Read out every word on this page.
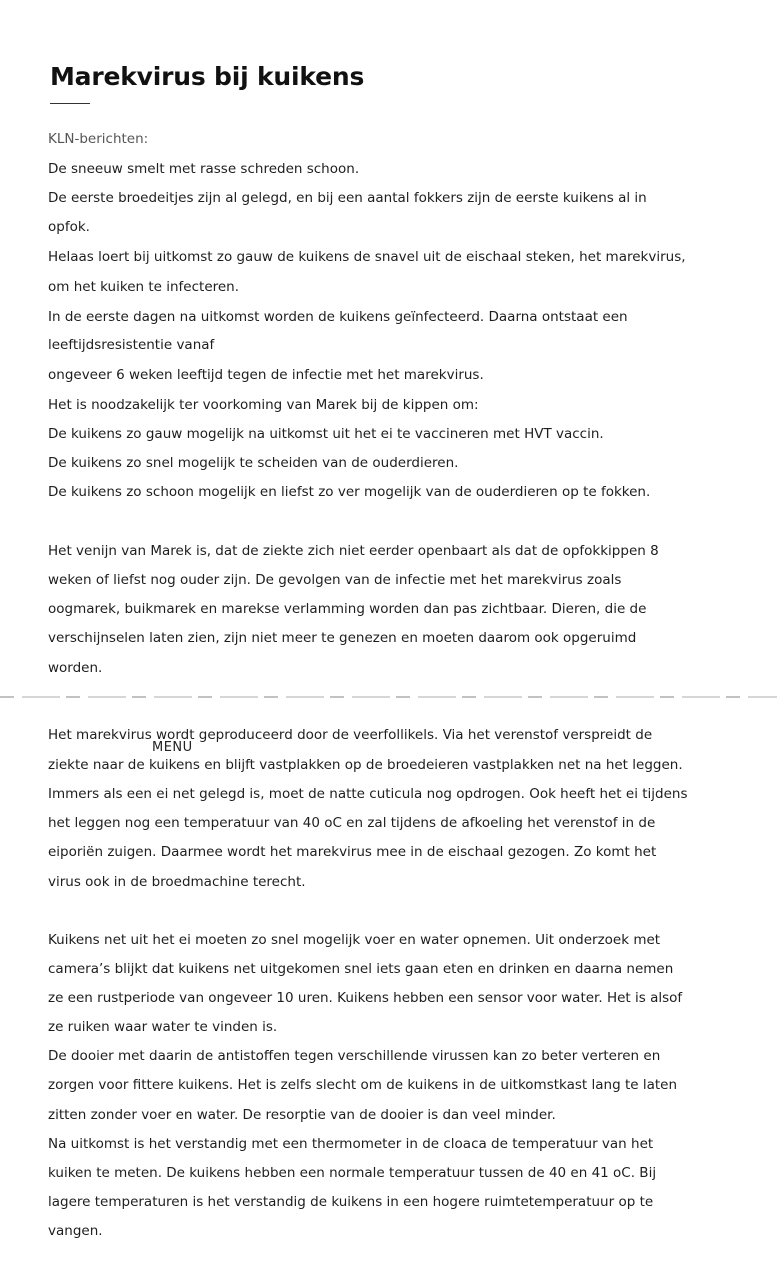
Marekvirus bij kuikens
KLN-berichten:
De sneeuw smelt met rasse schreden schoon.
De eerste broedeitjes zijn al gelegd, en bij een aantal fokkers zijn de eerste kuikens al in
opfok.
Helaas loert bij uitkomst zo gauw de kuikens de snavel uit de eischaal steken, het marekvirus,
om het kuiken te infecteren.
In de eerste dagen na uitkomst worden de kuikens geïnfecteerd. Daarna ontstaat een
leeftijdsresistentie vanaf
ongeveer 6 weken leeftijd tegen de infectie met het marekvirus.
Het is noodzakelijk ter voorkoming van Marek bij de kippen om:
De kuikens zo gauw mogelijk na uitkomst uit het ei te vaccineren met HVT vaccin.
De kuikens zo snel mogelijk te scheiden van de ouderdieren.
De kuikens zo schoon mogelijk en liefst zo ver mogelijk van de ouderdieren op te fokken.
Het venijn van Marek is, dat de ziekte zich niet eerder openbaart als dat de opfokkippen 8
weken of liefst nog ouder zijn. De gevolgen van de infectie met het marekvirus zoals
oogmarek, buikmarek en marekse verlamming worden dan pas zichtbaar. Dieren, die de
verschijnselen laten zien, zijn niet meer te genezen en moeten daarom ook opgeruimd
worden.
Het marekvirus wordt geproduceerd door de veerfollikels. Via het verenstof verspreidt de
MENU
ziekte naar de kuikens en blijft vastplakken op de broedeieren vastplakken net na het leggen.
Immers als een ei net gelegd is, moet de natte cuticula nog opdrogen. Ook heeft het ei tijdens
het leggen nog een temperatuur van 40 oC en zal tijdens de afkoeling het verenstof in de
eiporiën zuigen. Daarmee wordt het marekvirus mee in de eischaal gezogen. Zo komt het
virus ook in de broedmachine terecht.
Kuikens net uit het ei moeten zo snel mogelijk voer en water opnemen. Uit onderzoek met
camera’s blijkt dat kuikens net uitgekomen snel iets gaan eten en drinken en daarna nemen
ze een rustperiode van ongeveer 10 uren. Kuikens hebben een sensor voor water. Het is alsof
ze ruiken waar water te vinden is.
De dooier met daarin de antistoffen tegen verschillende virussen kan zo beter verteren en
zorgen voor fittere kuikens. Het is zelfs slecht om de kuikens in de uitkomstkast lang te laten
zitten zonder voer en water. De resorptie van de dooier is dan veel minder.
Na uitkomst is het verstandig met een thermometer in de cloaca de temperatuur van het
kuiken te meten. De kuikens hebben een normale temperatuur tussen de 40 en 41 oC. Bij
lagere temperaturen is het verstandig de kuikens in een hogere ruimtetemperatuur op te
vangen.
